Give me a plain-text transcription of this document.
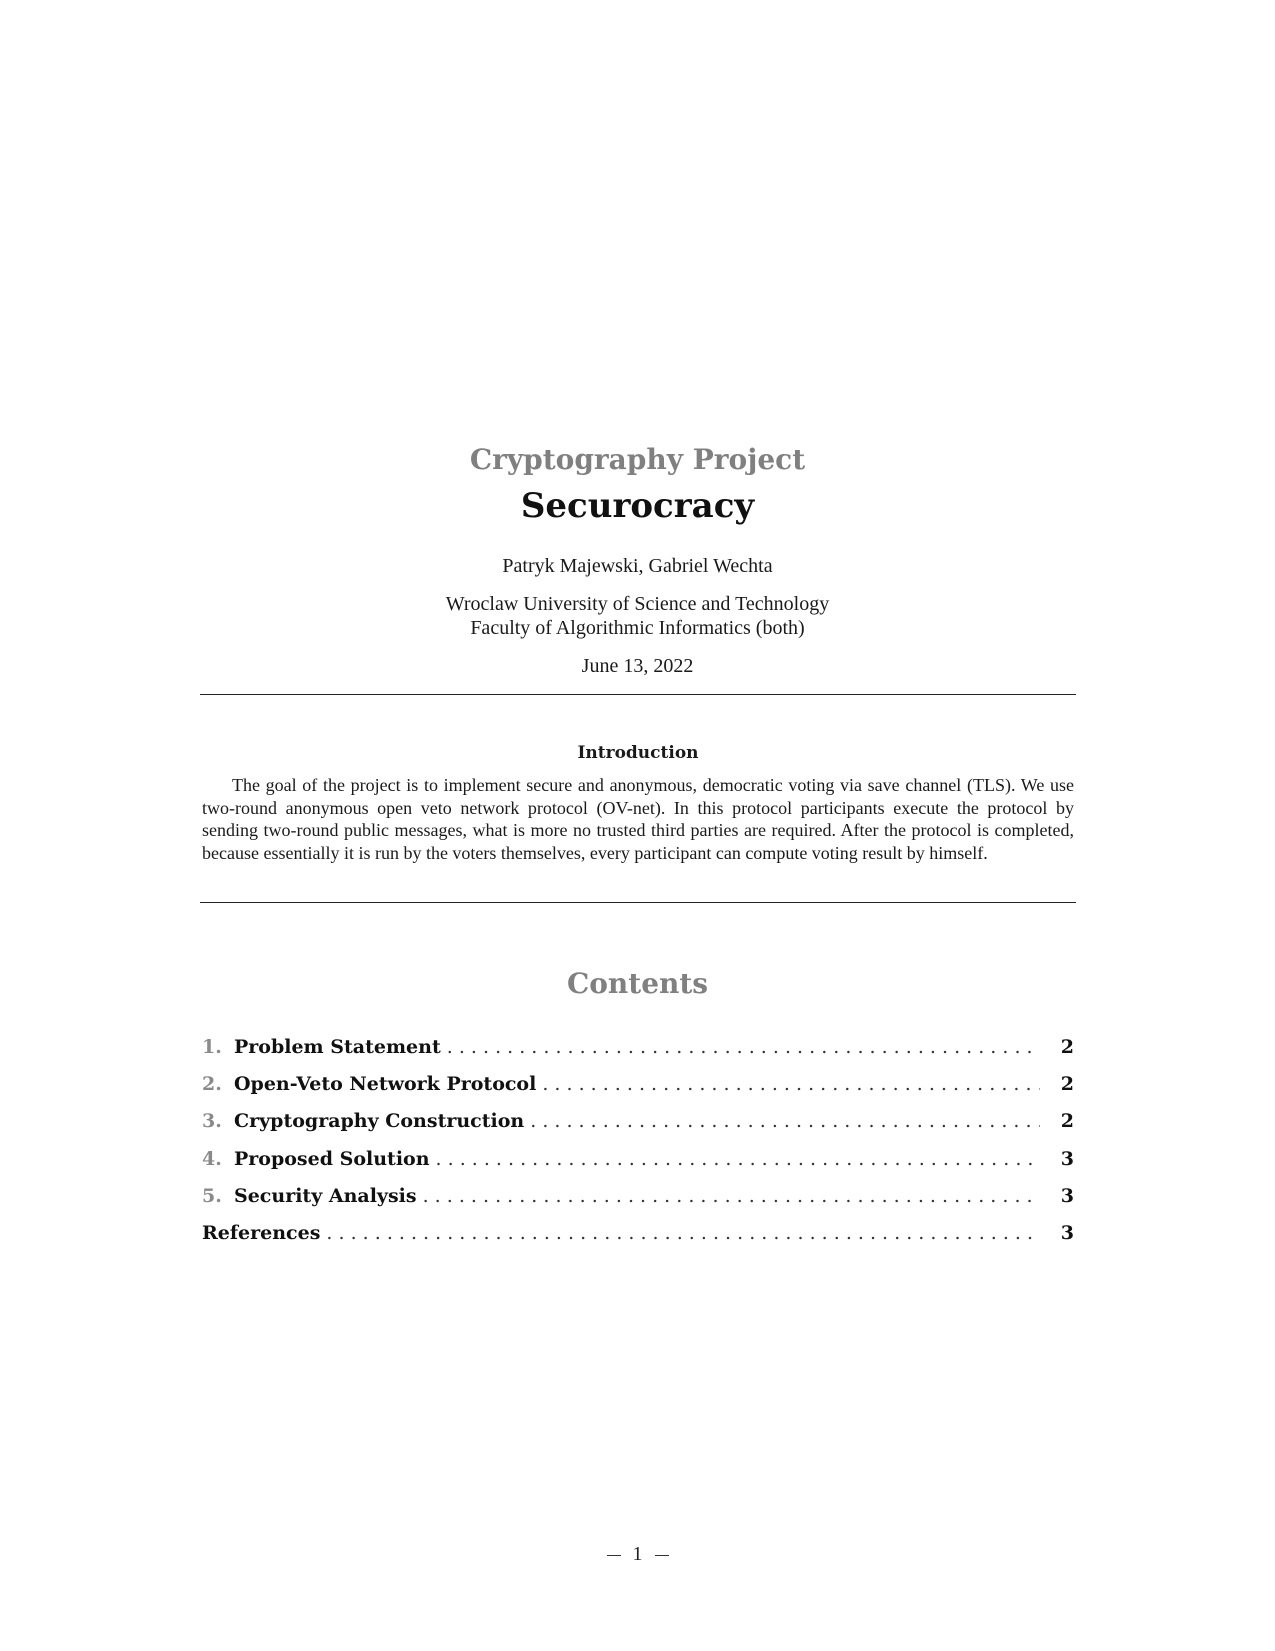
Cryptography Project
Securocracy
Patryk Majewski, Gabriel Wechta
Wroclaw University of Science and Technology
Faculty of Algorithmic Informatics (both)
June 13, 2022
Introduction
The goal of the project is to implement secure and anonymous, democratic voting via save channel (TLS). We use two-round anonymous open veto network protocol (OV-net). In this protocol participants execute the protocol by sending two-round public messages, what is more no trusted third parties are required. After the protocol is completed, because essentially it is run by the voters themselves, every participant can compute voting result by himself.
Contents
1. Problem Statement . . .	2
2. Open-Veto Network Protocol . . .	2
3. Cryptography Construction . . .	2
4. Proposed Solution . . .	3
5. Security Analysis . . .	3
References . . .	3
1
